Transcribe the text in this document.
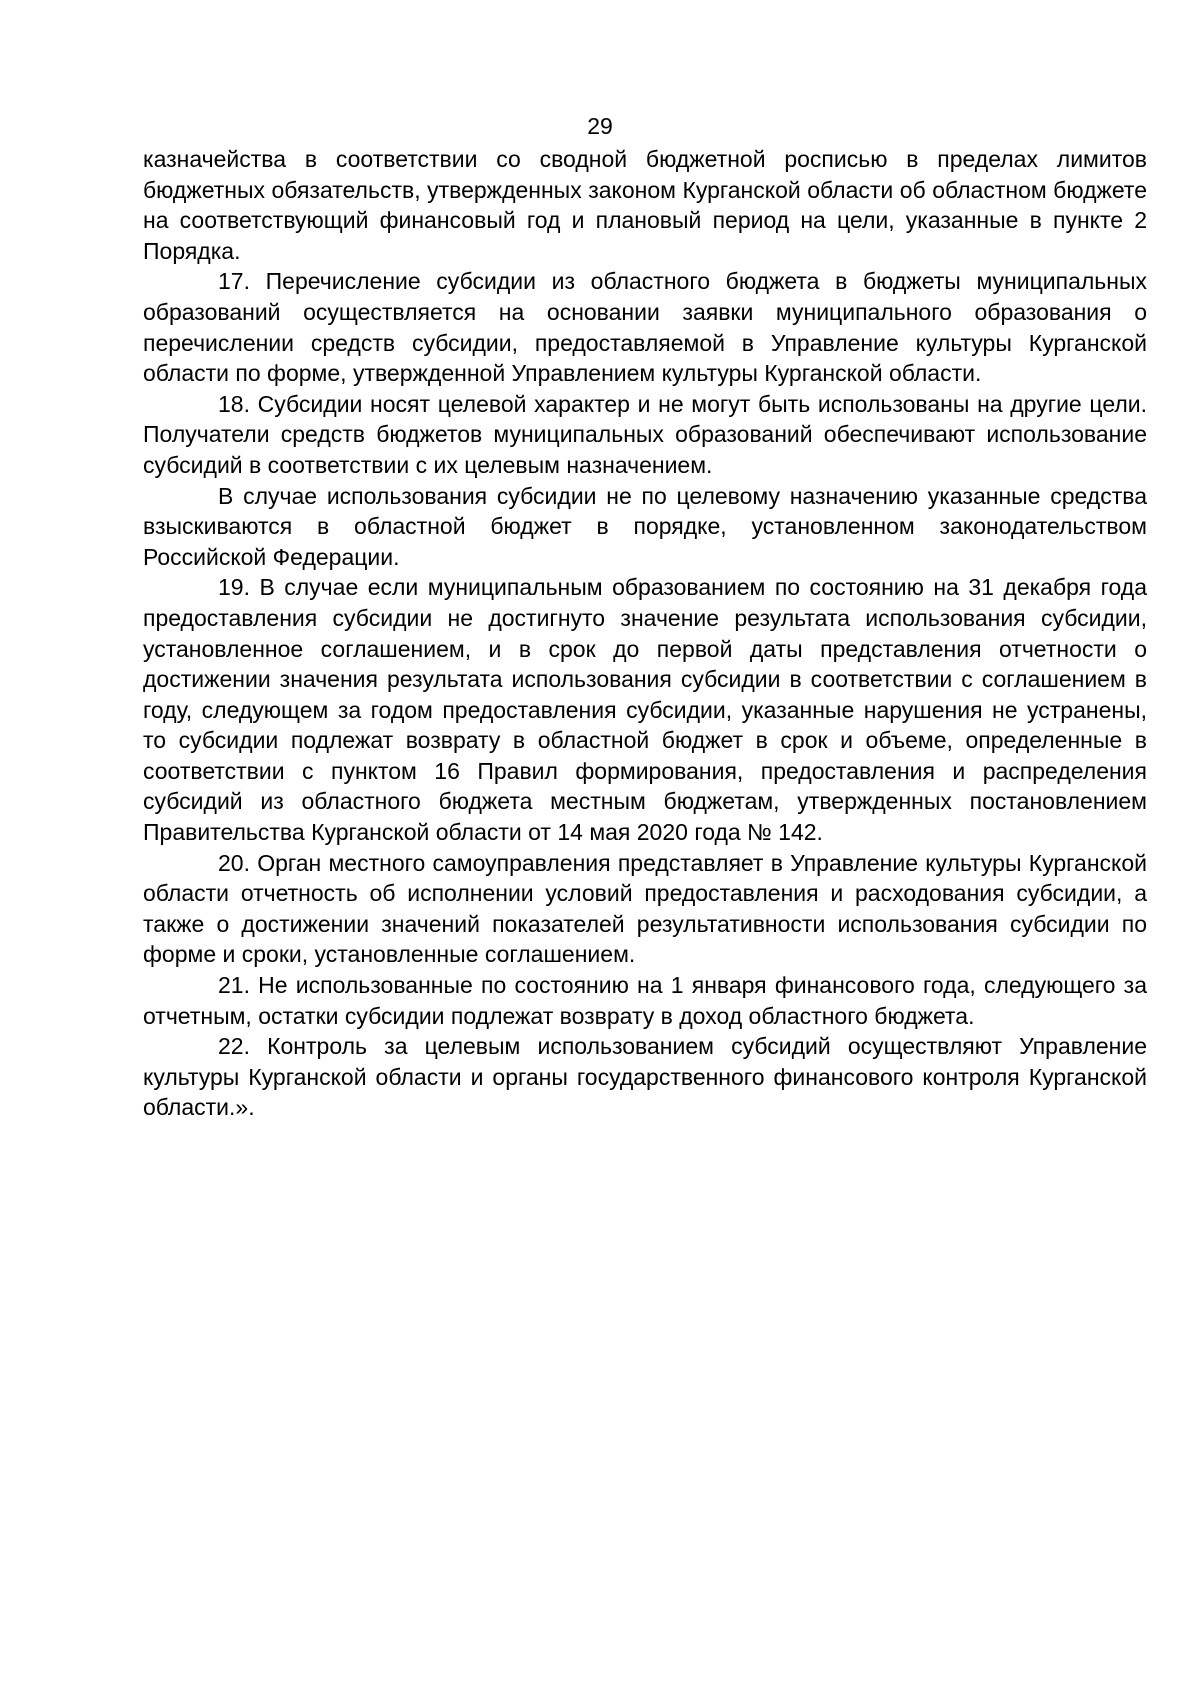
29

казначейства в соответствии со сводной бюджетной росписью в пределах лимитов бюджетных обязательств, утвержденных законом Курганской области об областном бюджете на соответствующий финансовый год и плановый период на цели, указанные в пункте 2 Порядка.

17. Перечисление субсидии из областного бюджета в бюджеты муниципальных образований осуществляется на основании заявки муниципального образования о перечислении средств субсидии, предоставляемой в Управление культуры Курганской области по форме, утвержденной Управлением культуры Курганской области.

18. Субсидии носят целевой характер и не могут быть использованы на другие цели. Получатели средств бюджетов муниципальных образований обеспечивают использование субсидий в соответствии с их целевым назначением.

В случае использования субсидии не по целевому назначению указанные средства взыскиваются в областной бюджет в порядке, установленном законодательством Российской Федерации.

19. В случае если муниципальным образованием по состоянию на 31 декабря года предоставления субсидии не достигнуто значение результата использования субсидии, установленное соглашением, и в срок до первой даты представления отчетности о достижении значения результата использования субсидии в соответствии с соглашением в году, следующем за годом предоставления субсидии, указанные нарушения не устранены, то субсидии подлежат возврату в областной бюджет в срок и объеме, определенные в соответствии с пунктом 16 Правил формирования, предоставления и распределения субсидий из областного бюджета местным бюджетам, утвержденных постановлением Правительства Курганской области от 14 мая 2020 года № 142.

20. Орган местного самоуправления представляет в Управление культуры Курганской области отчетность об исполнении условий предоставления и расходования субсидии, а также о достижении значений показателей результативности использования субсидии по форме и сроки, установленные соглашением.

21. Не использованные по состоянию на 1 января финансового года, следующего за отчетным, остатки субсидии подлежат возврату в доход областного бюджета.

22. Контроль за целевым использованием субсидий осуществляют Управление культуры Курганской области и органы государственного финансового контроля Курганской области.».
